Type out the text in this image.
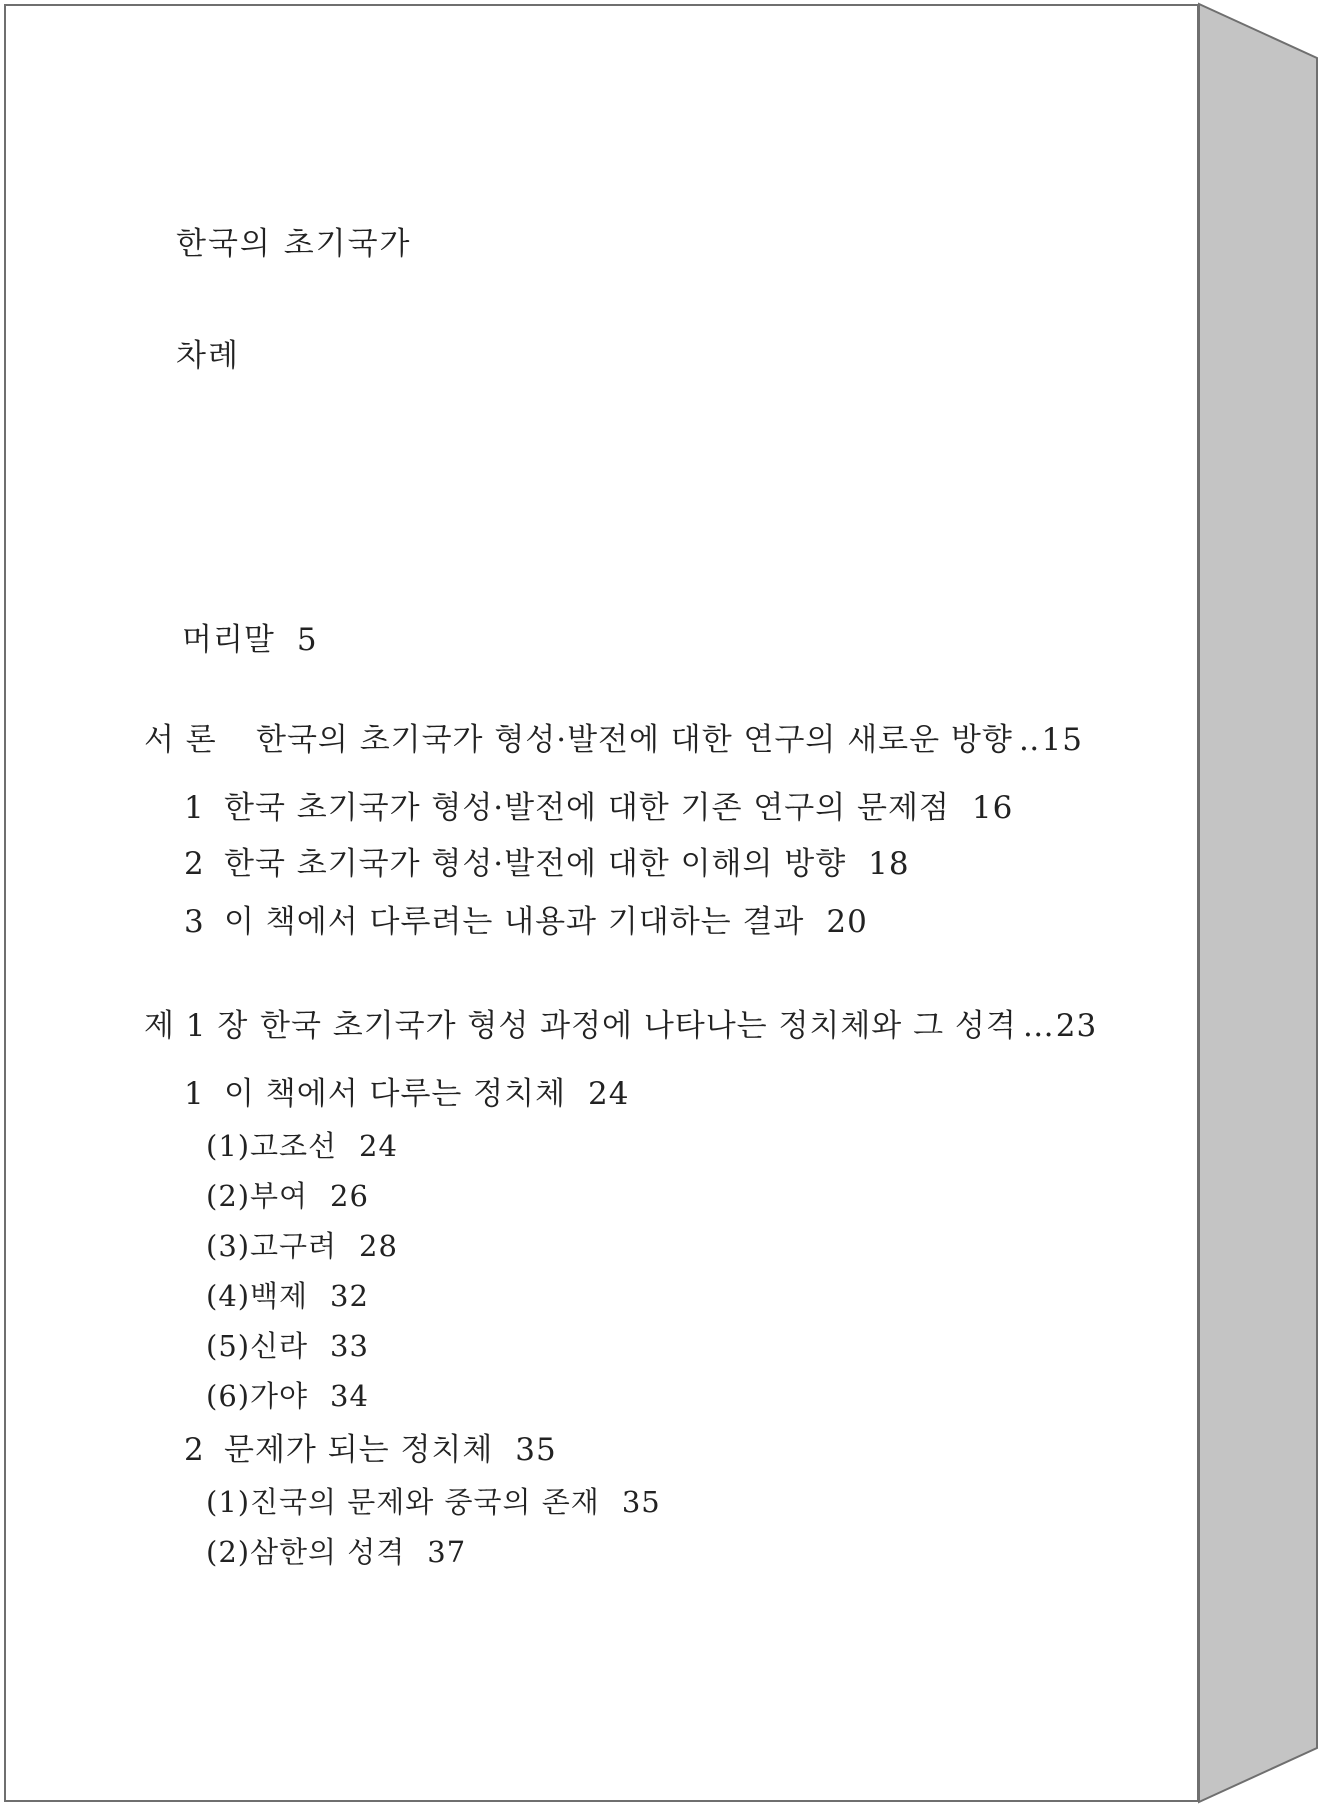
한국의 초기국가
차례
머리말 5
서 론 한국의 초기국가 형성·발전에 대한 연구의 새로운 방향 ‥15
1 한국 초기국가 형성·발전에 대한 기존 연구의 문제점 16
2 한국 초기국가 형성·발전에 대한 이해의 방향 18
3 이 책에서 다루려는 내용과 기대하는 결과 20
제 1 장 한국 초기국가 형성 과정에 나타나는 정치체와 그 성격 …23
1 이 책에서 다루는 정치체 24
(1)고조선 24
(2)부여 26
(3)고구려 28
(4)백제 32
(5)신라 33
(6)가야 34
2 문제가 되는 정치체 35
(1)진국의 문제와 중국의 존재 35
(2)삼한의 성격 37
